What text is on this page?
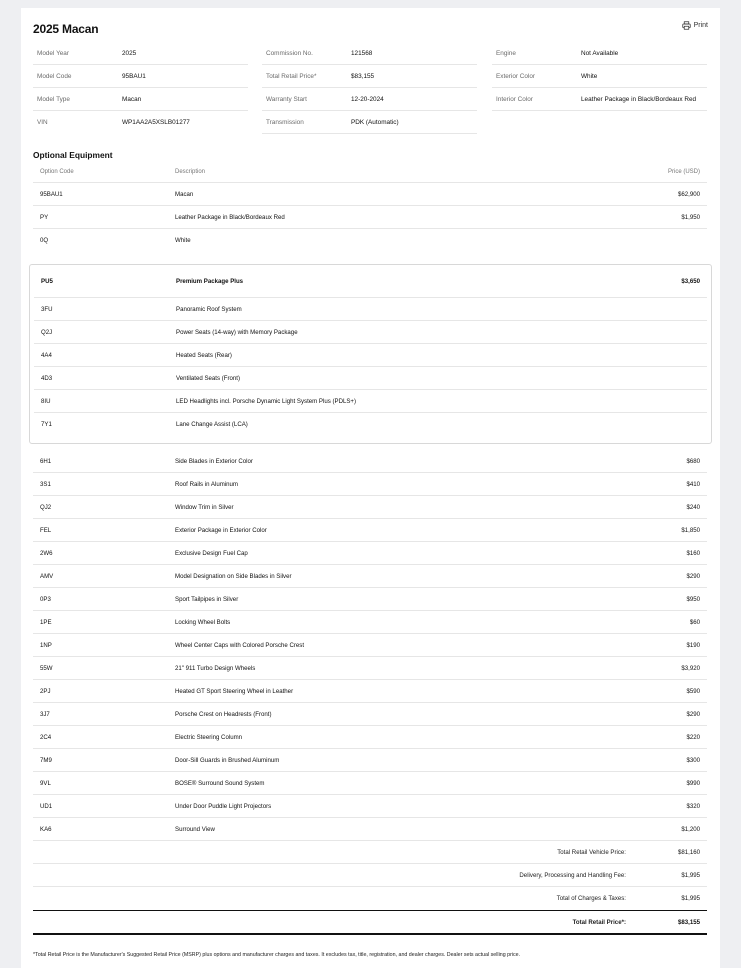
2025 Macan	Print
Model Year	2025
Model Code	95BAU1
Model Type	Macan
VIN	WP1AA2A5XSLB01277
Commission No.	121568
Total Retail Price*	$83,155
Warranty Start	12-20-2024
Transmission	PDK (Automatic)
Engine	Not Available
Exterior Color	White
Interior Color	Leather Package in Black/Bordeaux Red
Optional Equipment
Option Code	Description	Price (USD)
95BAU1	Macan	$62,900
PY	Leather Package in Black/Bordeaux Red	$1,950
0Q	White
PU5	Premium Package Plus	$3,650
3FU	Panoramic Roof System
Q2J	Power Seats (14-way) with Memory Package
4A4	Heated Seats (Rear)
4D3	Ventilated Seats (Front)
8IU	LED Headlights incl. Porsche Dynamic Light System Plus (PDLS+)
7Y1	Lane Change Assist (LCA)
6H1	Side Blades in Exterior Color	$680
3S1	Roof Rails in Aluminum	$410
QJ2	Window Trim in Silver	$240
FEL	Exterior Package in Exterior Color	$1,850
2W6	Exclusive Design Fuel Cap	$160
AMV	Model Designation on Side Blades in Silver	$290
0P3	Sport Tailpipes in Silver	$950
1PE	Locking Wheel Bolts	$60
1NP	Wheel Center Caps with Colored Porsche Crest	$190
55W	21" 911 Turbo Design Wheels	$3,920
2PJ	Heated GT Sport Steering Wheel in Leather	$590
3J7	Porsche Crest on Headrests (Front)	$290
2C4	Electric Steering Column	$220
7M9	Door-Sill Guards in Brushed Aluminum	$300
9VL	BOSE® Surround Sound System	$990
UD1	Under Door Puddle Light Projectors	$320
KA6	Surround View	$1,200
Total Retail Vehicle Price:	$81,160
Delivery, Processing and Handling Fee:	$1,995
Total of Charges & Taxes:	$1,995
Total Retail Price*:	$83,155
*Total Retail Price is the Manufacturer's Suggested Retail Price (MSRP) plus options and manufacturer charges and taxes. It excludes tax, title, registration, and dealer charges. Dealer sets actual selling price.
